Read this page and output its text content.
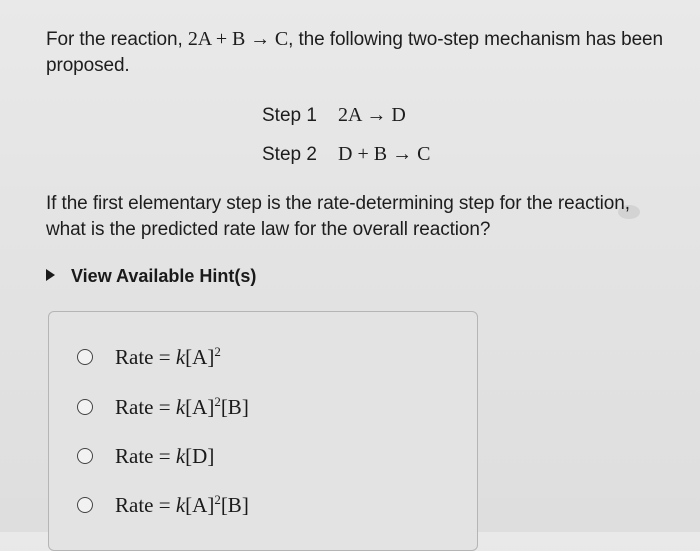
For the reaction, 2A + B → C, the following two-step mechanism has been proposed.
Step 1 2A → D
Step 2 D + B → C
If the first elementary step is the rate-determining step for the reaction, what is the predicted rate law for the overall reaction?
View Available Hint(s)
Rate = $k[A]^2$
Rate = $k[A]^2[B]$
Rate = k[D]
Rate = $k[A]^2[B]$
